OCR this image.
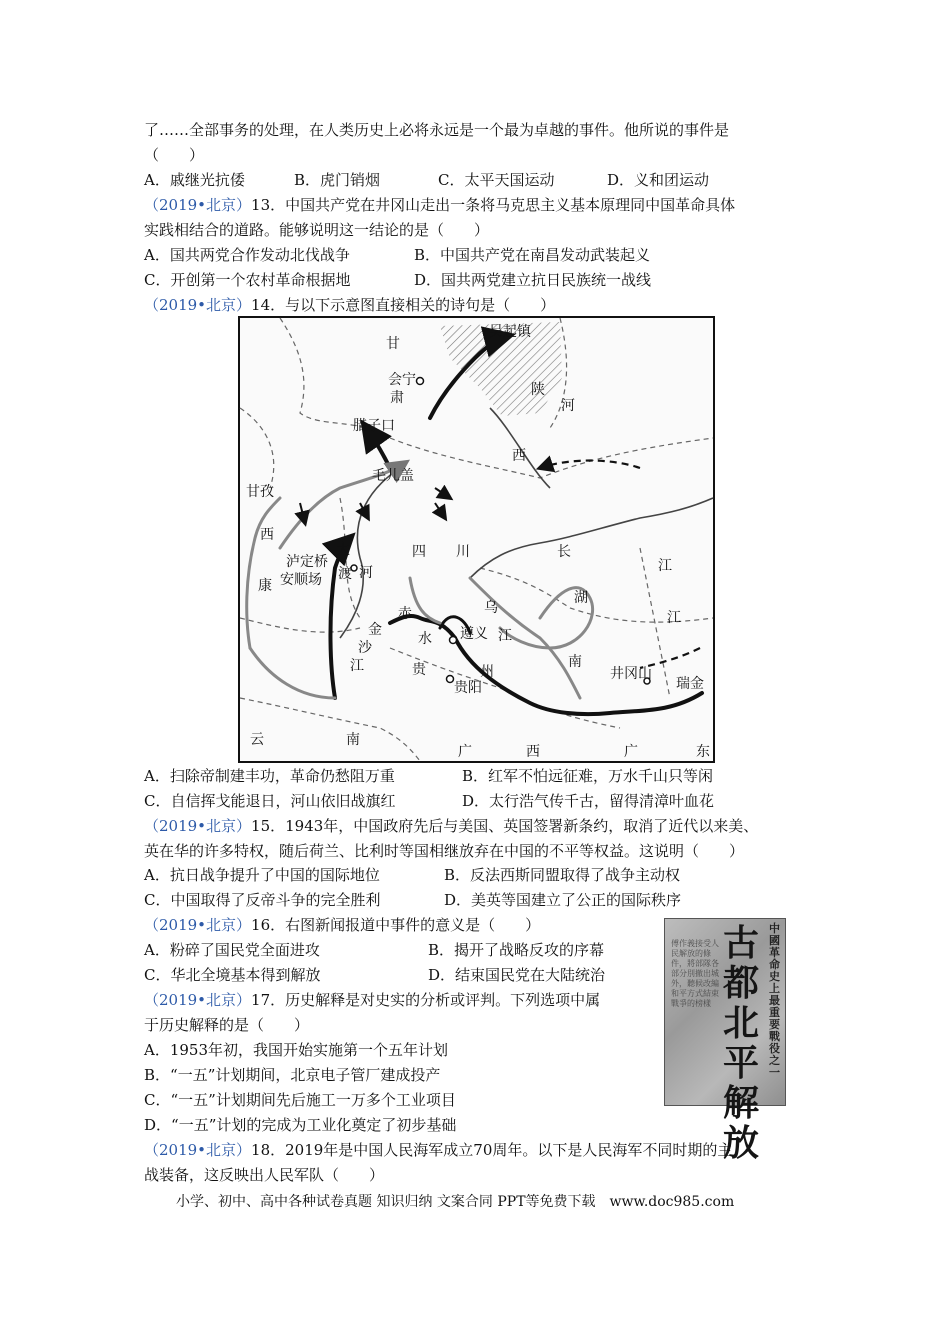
了……全部事务的处理，在人类历史上必将永远是一个最为卓越的事件。他所说的事件是
（　　）
A．戚继光抗倭	B．虎门销烟	C．太平天国运动	D．义和团运动
（2019•北京）13．中国共产党在井冈山走出一条将马克思主义基本原理同中国革命具体
实践相结合的道路。能够说明这一结论的是（　　）
A．国共两党合作发动北伐战争	B．中国共产党在南昌发动武装起义
C．开创第一个农村革命根据地	D．国共两党建立抗日民族统一战线
（2019•北京）14．与以下示意图直接相关的诗句是（　　）
甘
吴起镇
会宁
肃	陕
河
腊子口
西
毛儿盖
甘孜
西
泸定桥
安顺场
康
大
渡 河
四 川	长
江
江
赤
水 遵义
乌
江
湖
南
金
沙
江	贵	州
贵阳
井冈山
瑞金
云	南
广	西	广	东
A．扫除帝制建丰功，革命仍愁阻万重	B．红军不怕远征难，万水千山只等闲
C．自信挥戈能退日，河山依旧战旗红	D．太行浩气传千古，留得清漳叶血花
（2019•北京）15．1943年，中国政府先后与美国、英国签署新条约，取消了近代以来美、
英在华的许多特权，随后荷兰、比利时等国相继放弃在中国的不平等权益。这说明（　　）
A．抗日战争提升了中国的国际地位	B．反法西斯同盟取得了战争主动权
C．中国取得了反帝斗争的完全胜利	D．美英等国建立了公正的国际秩序
（2019•北京）16．右图新闻报道中事件的意义是（　　）
A．粉碎了国民党全面进攻	B．揭开了战略反攻的序幕
C．华北全境基本得到解放	D．结束国民党在大陆统治
中國革命史上最重要戰役之一
古都北平解放
傅作義接受人民解放的條件，將部隊各部分別撤出城外，聽候改編和平方式結束戰爭的榜樣
（2019•北京）17．历史解释是对史实的分析或评判。下列选项中属
于历史解释的是（　　）
A．1953年初，我国开始实施第一个五年计划
B．“一五”计划期间，北京电子管厂建成投产
C．“一五”计划期间先后施工一万多个工业项目
D．“一五”计划的完成为工业化奠定了初步基础
（2019•北京）18．2019年是中国人民海军成立70周年。以下是人民海军不同时期的主
战装备，这反映出人民军队（　　）
小学、初中、高中各种试卷真题 知识归纳 文案合同 PPT等免费下载　www.doc985.com
